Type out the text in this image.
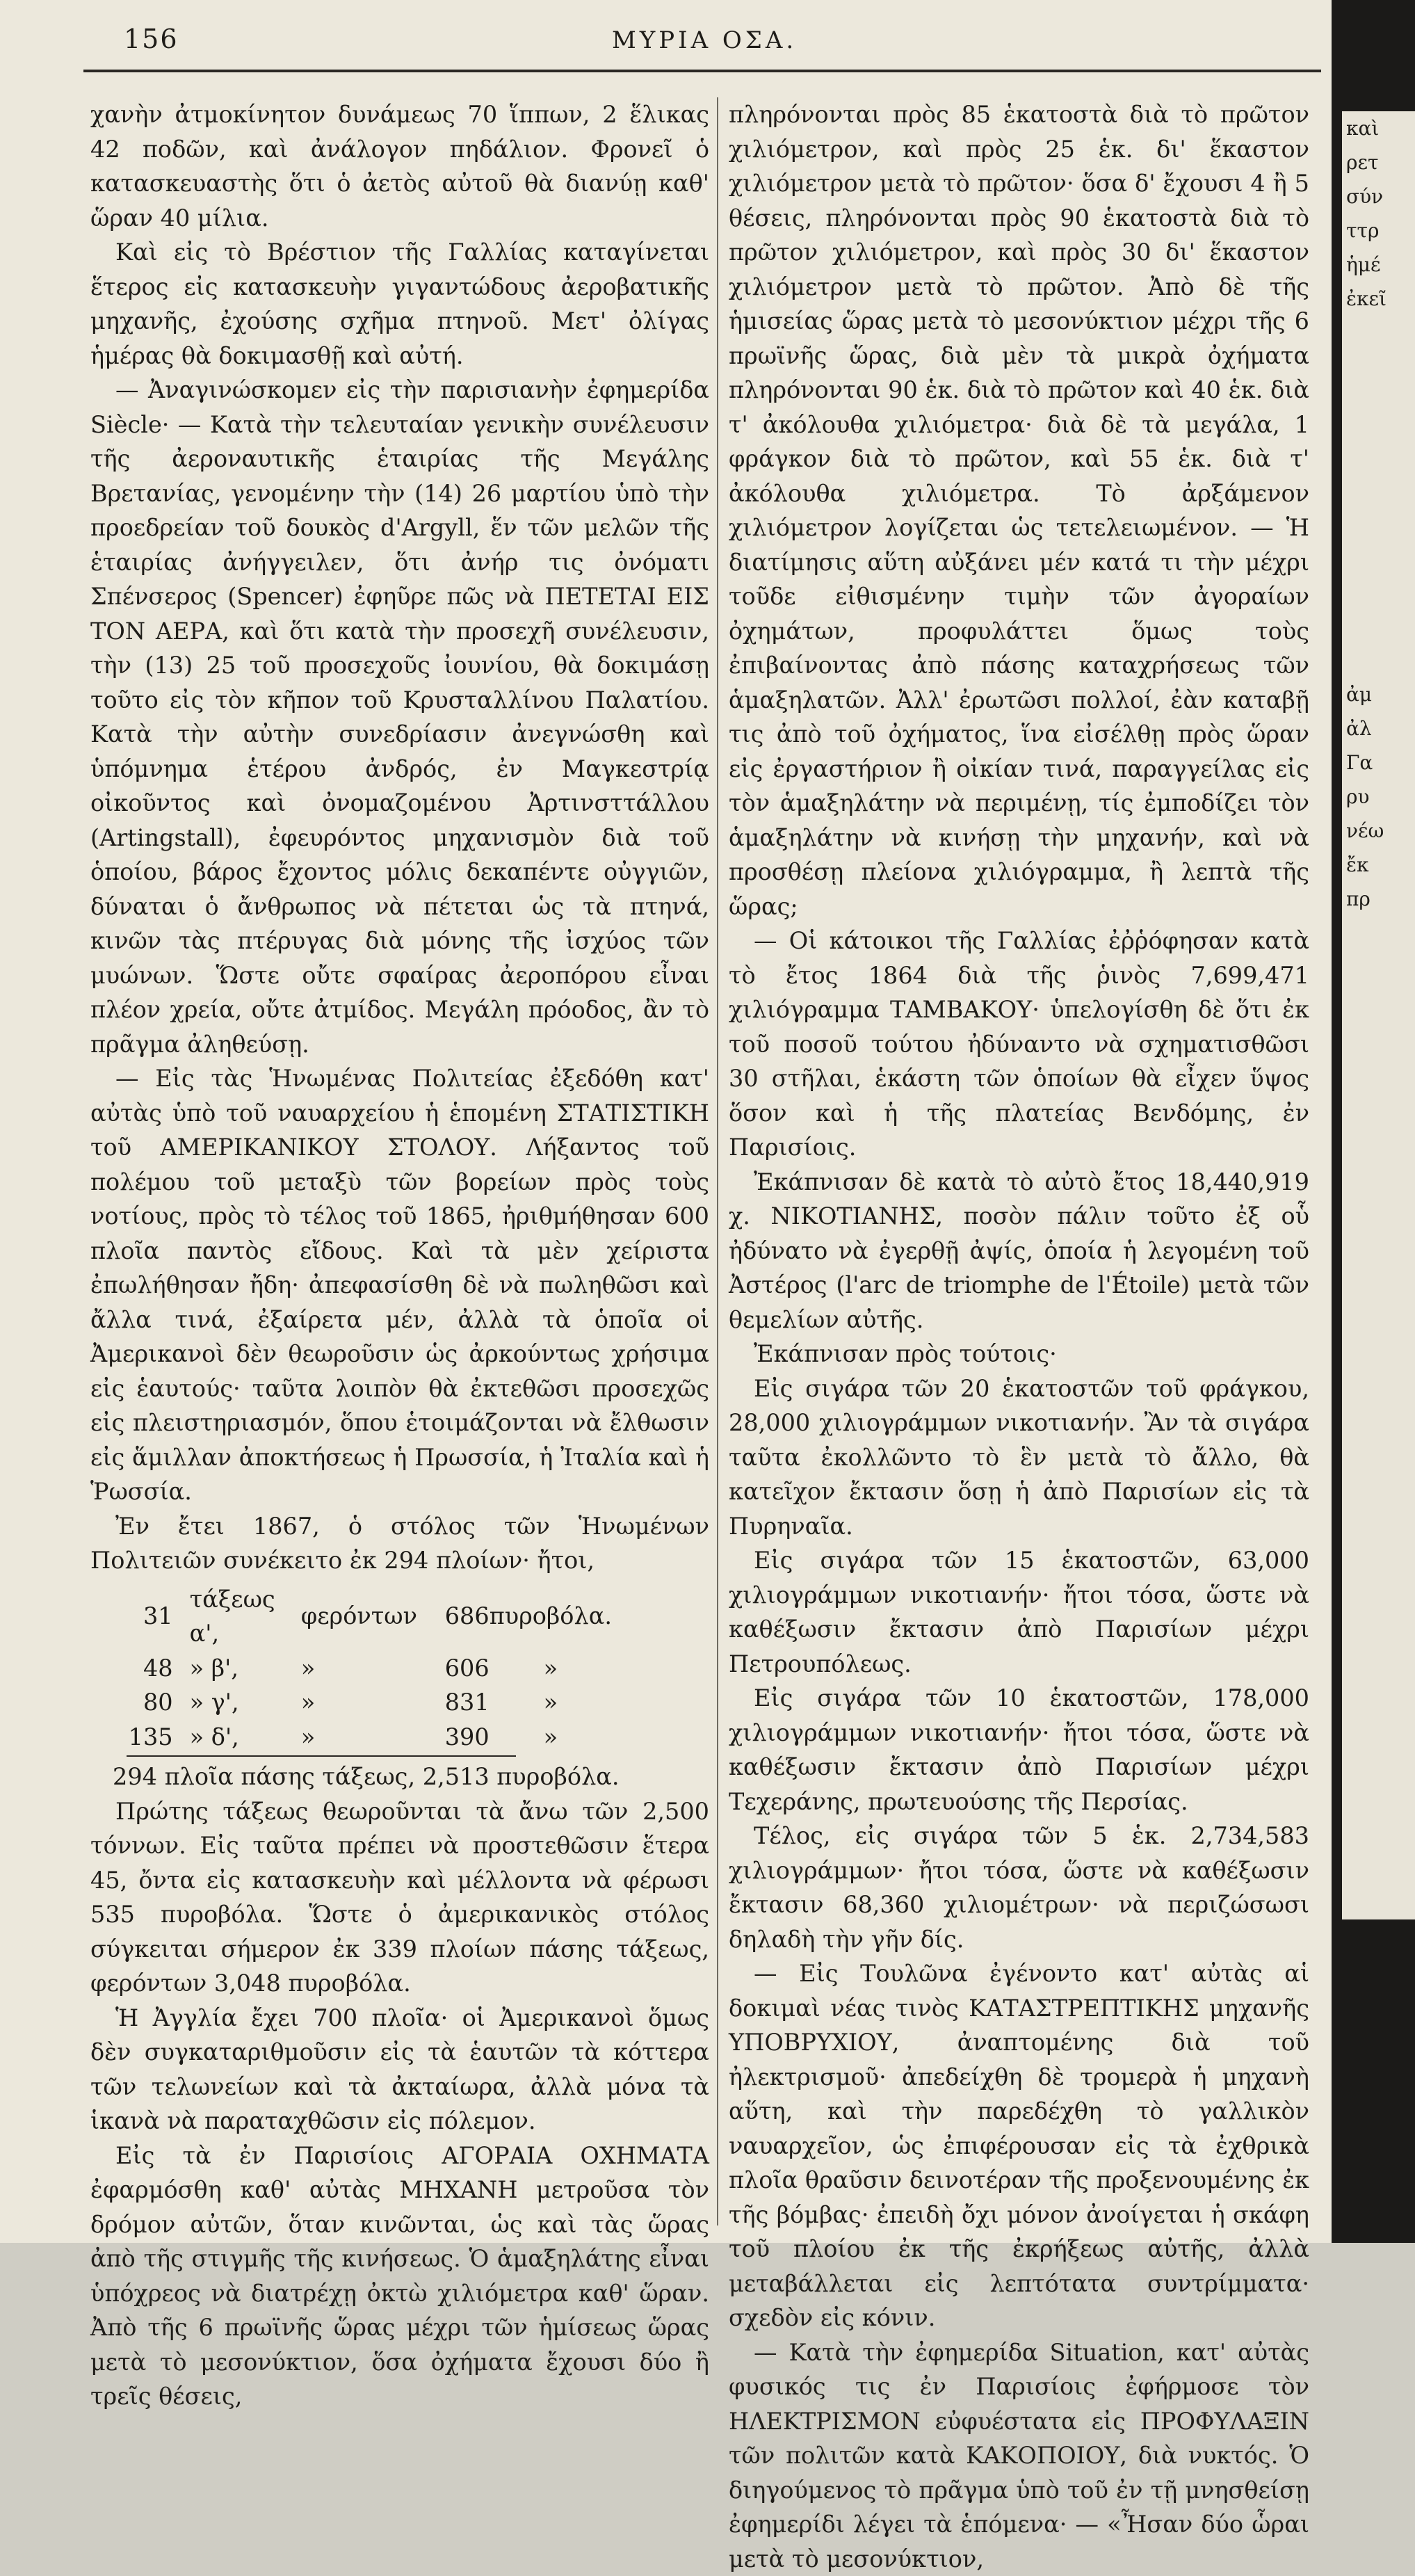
156	ΜΥΡΙΑ ΟΣΑ.

χανὴν ἀτμοκίνητον δυνάμεως 70 ἵππων, 2 ἕλικας 42 ποδῶν, καὶ ἀνάλογον πηδάλιον. Φρονεῖ ὁ κατασκευαστὴς ὅτι ὁ ἀετὸς αὐτοῦ θὰ διανύῃ καθ' ὥραν 40 μίλια.

Καὶ εἰς τὸ Βρέστιον τῆς Γαλλίας καταγίνεται ἕτερος εἰς κατασκευὴν γιγαντώδους ἀεροβατικῆς μηχανῆς, ἐχούσης σχῆμα πτηνοῦ. Μετ' ὀλίγας ἡμέρας θὰ δοκιμασθῇ καὶ αὐτή.

— Ἀναγινώσκομεν εἰς τὴν παρισιανὴν ἐφημερίδα Siècle· — Κατὰ τὴν τελευταίαν γενικὴν συνέλευσιν τῆς ἀεροναυτικῆς ἑταιρίας τῆς Μεγάλης Βρετανίας, γενομένην τὴν (14) 26 μαρτίου ὑπὸ τὴν προεδρείαν τοῦ δουκὸς d'Argyll, ἕν τῶν μελῶν τῆς ἑταιρίας ἀνήγγειλεν, ὅτι ἀνήρ τις ὀνόματι Σπένσερος (Spencer) ἐφηῦρε πῶς νὰ ΠΕΤΕΤΑΙ ΕΙΣ ΤΟΝ ΑΕΡΑ, καὶ ὅτι κατὰ τὴν προσεχῆ συνέλευσιν, τὴν (13) 25 τοῦ προσεχοῦς ἰουνίου, θὰ δοκιμάσῃ τοῦτο εἰς τὸν κῆπον τοῦ Κρυσταλλίνου Παλατίου. Κατὰ τὴν αὐτὴν συνεδρίασιν ἀνεγνώσθη καὶ ὑπόμνημα ἑτέρου ἀνδρός, ἐν Μαγκεστρίᾳ οἰκοῦντος καὶ ὀνομαζομένου Ἀρτινσττάλλου (Artingstall), ἐφευρόντος μηχανισμὸν διὰ τοῦ ὁποίου, βάρος ἔχοντος μόλις δεκαπέντε οὐγγιῶν, δύναται ὁ ἄνθρωπος νὰ πέτεται ὡς τὰ πτηνά, κινῶν τὰς πτέρυγας διὰ μόνης τῆς ἰσχύος τῶν μυώνων. Ὥστε οὔτε σφαίρας ἀεροπόρου εἶναι πλέον χρεία, οὔτε ἀτμίδος. Μεγάλη πρόοδος, ἂν τὸ πρᾶγμα ἀληθεύσῃ.

— Εἰς τὰς Ἡνωμένας Πολιτείας ἐξεδόθη κατ' αὐτὰς ὑπὸ τοῦ ναυαρχείου ἡ ἑπομένη ΣΤΑΤΙΣΤΙΚΗ τοῦ ΑΜΕΡΙΚΑΝΙΚΟΥ ΣΤΟΛΟΥ. Λήξαντος τοῦ πολέμου τοῦ μεταξὺ τῶν βορείων πρὸς τοὺς νοτίους, πρὸς τὸ τέλος τοῦ 1865, ἠριθμήθησαν 600 πλοῖα παντὸς εἴδους. Καὶ τὰ μὲν χείριστα ἐπωλήθησαν ἤδη· ἀπεφασίσθη δὲ νὰ πωληθῶσι καὶ ἄλλα τινά, ἐξαίρετα μέν, ἀλλὰ τὰ ὁποῖα οἱ Ἀμερικανοὶ δὲν θεωροῦσιν ὡς ἀρκούντως χρήσιμα εἰς ἑαυτούς· ταῦτα λοιπὸν θὰ ἐκτεθῶσι προσεχῶς εἰς πλειστηριασμόν, ὅπου ἑτοιμάζονται νὰ ἔλθωσιν εἰς ἅμιλλαν ἀποκτήσεως ἡ Πρωσσία, ἡ Ἰταλία καὶ ἡ Ῥωσσία.

Ἐν ἔτει 1867, ὁ στόλος τῶν Ἡνωμένων Πολιτειῶν συνέκειτο ἐκ 294 πλοίων· ἤτοι,

31	τάξεως α',	φερόντων	686	πυροβόλα.
48	» β',	»	606	»
80	» γ',	»	831	»
135	» δ',	»	390	»
294 πλοῖα πάσης τάξεως, 2,513 πυροβόλα.

Πρώτης τάξεως θεωροῦνται τὰ ἄνω τῶν 2,500 τόννων. Εἰς ταῦτα πρέπει νὰ προστεθῶσιν ἕτερα 45, ὄντα εἰς κατασκευὴν καὶ μέλλοντα νὰ φέρωσι 535 πυροβόλα. Ὥστε ὁ ἀμερικανικὸς στόλος σύγκειται σήμερον ἐκ 339 πλοίων πάσης τάξεως, φερόντων 3,048 πυροβόλα.

Ἡ Ἀγγλία ἔχει 700 πλοῖα· οἱ Ἀμερικανοὶ ὅμως δὲν συγκαταριθμοῦσιν εἰς τὰ ἑαυτῶν τὰ κόττερα τῶν τελωνείων καὶ τὰ ἀκταίωρα, ἀλλὰ μόνα τὰ ἱκανὰ νὰ παραταχθῶσιν εἰς πόλεμον.

Εἰς τὰ ἐν Παρισίοις ΑΓΟΡΑΙΑ ΟΧΗΜΑΤΑ ἐφαρμόσθη καθ' αὐτὰς ΜΗΧΑΝΗ μετροῦσα τὸν δρόμον αὐτῶν, ὅταν κινῶνται, ὡς καὶ τὰς ὥρας ἀπὸ τῆς στιγμῆς τῆς κινήσεως. Ὁ ἁμαξηλάτης εἶναι ὑπόχρεος νὰ διατρέχῃ ὀκτὼ χιλιόμετρα καθ' ὥραν. Ἀπὸ τῆς 6 πρωϊνῆς ὥρας μέχρι τῶν ἡμίσεως ὥρας μετὰ τὸ μεσονύκτιον, ὅσα ὀχήματα ἔχουσι δύο ἢ τρεῖς θέσεις,

πληρόνονται πρὸς 85 ἑκατοστὰ διὰ τὸ πρῶτον χιλιόμετρον, καὶ πρὸς 25 ἑκ. δι' ἕκαστον χιλιόμετρον μετὰ τὸ πρῶτον· ὅσα δ' ἔχουσι 4 ἢ 5 θέσεις, πληρόνονται πρὸς 90 ἑκατοστὰ διὰ τὸ πρῶτον χιλιόμετρον, καὶ πρὸς 30 δι' ἕκαστον χιλιόμετρον μετὰ τὸ πρῶτον. Ἀπὸ δὲ τῆς ἡμισείας ὥρας μετὰ τὸ μεσονύκτιον μέχρι τῆς 6 πρωϊνῆς ὥρας, διὰ μὲν τὰ μικρὰ ὀχήματα πληρόνονται 90 ἑκ. διὰ τὸ πρῶτον καὶ 40 ἑκ. διὰ τ' ἀκόλουθα χιλιόμετρα· διὰ δὲ τὰ μεγάλα, 1 φράγκον διὰ τὸ πρῶτον, καὶ 55 ἑκ. διὰ τ' ἀκόλουθα χιλιόμετρα. Τὸ ἀρξάμενον χιλιόμετρον λογίζεται ὡς τετελειωμένον. — Ἡ διατίμησις αὕτη αὐξάνει μέν κατά τι τὴν μέχρι τοῦδε εἰθισμένην τιμὴν τῶν ἀγοραίων ὀχημάτων, προφυλάττει ὅμως τοὺς ἐπιβαίνοντας ἀπὸ πάσης καταχρήσεως τῶν ἁμαξηλατῶν. Ἀλλ' ἐρωτῶσι πολλοί, ἐὰν καταβῇ τις ἀπὸ τοῦ ὀχήματος, ἵνα εἰσέλθῃ πρὸς ὥραν εἰς ἐργαστήριον ἢ οἰκίαν τινά, παραγγείλας εἰς τὸν ἁμαξηλάτην νὰ περιμένῃ, τίς ἐμποδίζει τὸν ἁμαξηλάτην νὰ κινήσῃ τὴν μηχανήν, καὶ νὰ προσθέσῃ πλείονα χιλιόγραμμα, ἢ λεπτὰ τῆς ὥρας;

— Οἱ κάτοικοι τῆς Γαλλίας ἐῤῥόφησαν κατὰ τὸ ἔτος 1864 διὰ τῆς ῥινὸς 7,699,471 χιλιόγραμμα ΤΑΜΒΑΚΟΥ· ὑπελογίσθη δὲ ὅτι ἐκ τοῦ ποσοῦ τούτου ἠδύναντο νὰ σχηματισθῶσι 30 στῆλαι, ἑκάστη τῶν ὁποίων θὰ εἶχεν ὕψος ὅσον καὶ ἡ τῆς πλατείας Βενδόμης, ἐν Παρισίοις.

Ἐκάπνισαν δὲ κατὰ τὸ αὐτὸ ἔτος 18,440,919 χ. ΝΙΚΟΤΙΑΝΗΣ, ποσὸν πάλιν τοῦτο ἐξ οὗ ἠδύνατο νὰ ἐγερθῇ ἀψίς, ὁποία ἡ λεγομένη τοῦ Ἀστέρος (l'arc de triomphe de l'Étoile) μετὰ τῶν θεμελίων αὐτῆς.

Ἐκάπνισαν πρὸς τούτοις·

Εἰς σιγάρα τῶν 20 ἑκατοστῶν τοῦ φράγκου, 28,000 χιλιογράμμων νικοτιανήν. Ἂν τὰ σιγάρα ταῦτα ἐκολλῶντο τὸ ἓν μετὰ τὸ ἄλλο, θὰ κατεῖχον ἔκτασιν ὅσῃ ἡ ἀπὸ Παρισίων εἰς τὰ Πυρηναῖα.

Εἰς σιγάρα τῶν 15 ἑκατοστῶν, 63,000 χιλιογράμμων νικοτιανήν· ἤτοι τόσα, ὥστε νὰ καθέξωσιν ἔκτασιν ἀπὸ Παρισίων μέχρι Πετρουπόλεως.

Εἰς σιγάρα τῶν 10 ἑκατοστῶν, 178,000 χιλιογράμμων νικοτιανήν· ἤτοι τόσα, ὥστε νὰ καθέξωσιν ἔκτασιν ἀπὸ Παρισίων μέχρι Τεχεράνης, πρωτευούσης τῆς Περσίας.

Τέλος, εἰς σιγάρα τῶν 5 ἑκ. 2,734,583 χιλιογράμμων· ἤτοι τόσα, ὥστε νὰ καθέξωσιν ἔκτασιν 68,360 χιλιομέτρων· νὰ περιζώσωσι δηλαδὴ τὴν γῆν δίς.

— Εἰς Τουλῶνα ἐγένοντο κατ' αὐτὰς αἱ δοκιμαὶ νέας τινὸς ΚΑΤΑΣΤΡΕΠΤΙΚΗΣ μηχανῆς ΥΠΟΒΡΥΧΙΟΥ, ἀναπτομένης διὰ τοῦ ἠλεκτρισμοῦ· ἀπεδείχθη δὲ τρομερὰ ἡ μηχανὴ αὕτη, καὶ τὴν παρεδέχθη τὸ γαλλικὸν ναυαρχεῖον, ὡς ἐπιφέρουσαν εἰς τὰ ἐχθρικὰ πλοῖα θραῦσιν δεινοτέραν τῆς προξενουμένης ἐκ τῆς βόμβας· ἐπειδὴ ὄχι μόνον ἀνοίγεται ἡ σκάφη τοῦ πλοίου ἐκ τῆς ἐκρήξεως αὐτῆς, ἀλλὰ μεταβάλλεται εἰς λεπτότατα συντρίμματα· σχεδὸν εἰς κόνιν.

— Κατὰ τὴν ἐφημερίδα Situation, κατ' αὐτὰς φυσικός τις ἐν Παρισίοις ἐφήρμοσε τὸν ΗΛΕΚΤΡΙΣΜΟΝ εὐφυέστατα εἰς ΠΡΟΦΥΛΑΞΙΝ τῶν πολιτῶν κατὰ ΚΑΚΟΠΟΙΟΥ, διὰ νυκτός. Ὁ διηγούμενος τὸ πρᾶγμα ὑπὸ τοῦ ἐν τῇ μνησθείσῃ ἐφημερίδι λέγει τὰ ἑπόμενα· — «Ἦσαν δύο ὧραι μετὰ τὸ μεσονύκτιον,

καὶ
ρετ
σύν
ττρ
ἡμέ
ἐκεῖ
ἀμ
ἀλ
Γα
ρυ
νέω
ἔκ
πρ
